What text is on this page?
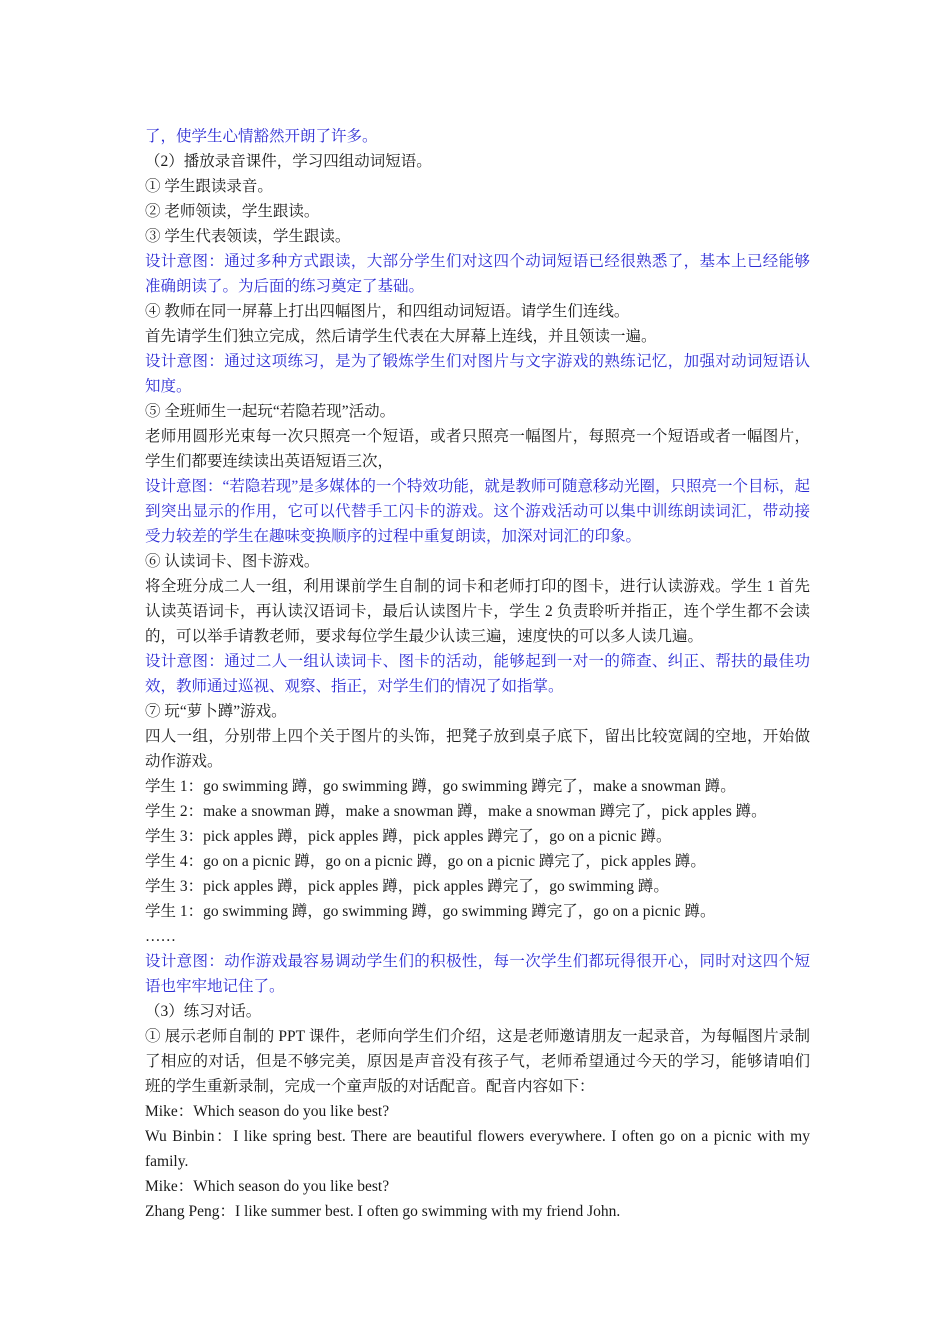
了，使学生心情豁然开朗了许多。
（2）播放录音课件，学习四组动词短语。
① 学生跟读录音。
② 老师领读，学生跟读。
③ 学生代表领读，学生跟读。
设计意图：通过多种方式跟读，大部分学生们对这四个动词短语已经很熟悉了，基本上已经能够准确朗读了。为后面的练习奠定了基础。
④ 教师在同一屏幕上打出四幅图片，和四组动词短语。请学生们连线。
首先请学生们独立完成，然后请学生代表在大屏幕上连线，并且领读一遍。
设计意图：通过这项练习，是为了锻炼学生们对图片与文字游戏的熟练记忆，加强对动词短语认知度。
⑤ 全班师生一起玩“若隐若现”活动。
老师用圆形光束每一次只照亮一个短语，或者只照亮一幅图片，每照亮一个短语或者一幅图片，学生们都要连续读出英语短语三次，
设计意图：“若隐若现”是多媒体的一个特效功能，就是教师可随意移动光圈，只照亮一个目标，起到突出显示的作用，它可以代替手工闪卡的游戏。这个游戏活动可以集中训练朗读词汇，带动接受力较差的学生在趣味变换顺序的过程中重复朗读，加深对词汇的印象。
⑥ 认读词卡、图卡游戏。
将全班分成二人一组，利用课前学生自制的词卡和老师打印的图卡，进行认读游戏。学生 1 首先认读英语词卡，再认读汉语词卡，最后认读图片卡，学生 2 负责聆听并指正，连个学生都不会读的，可以举手请教老师，要求每位学生最少认读三遍，速度快的可以多人读几遍。
设计意图：通过二人一组认读词卡、图卡的活动，能够起到一对一的筛查、纠正、帮扶的最佳功效，教师通过巡视、观察、指正，对学生们的情况了如指掌。
⑦ 玩“萝卜蹲”游戏。
四人一组，分别带上四个关于图片的头饰，把凳子放到桌子底下，留出比较宽阔的空地，开始做动作游戏。
学生 1：go swimming 蹲，go swimming 蹲，go swimming 蹲完了，make a snowman 蹲。
学生 2：make a snowman 蹲，make a snowman 蹲，make a snowman 蹲完了，pick apples 蹲。
学生 3：pick apples 蹲，pick apples 蹲，pick apples 蹲完了，go on a picnic 蹲。
学生 4：go on a picnic 蹲，go on a picnic 蹲，go on a picnic 蹲完了，pick apples 蹲。
学生 3：pick apples 蹲，pick apples 蹲，pick apples 蹲完了，go swimming 蹲。
学生 1：go swimming 蹲，go swimming 蹲，go swimming 蹲完了，go on a picnic 蹲。
……
设计意图：动作游戏最容易调动学生们的积极性，每一次学生们都玩得很开心，同时对这四个短语也牢牢地记住了。
（3）练习对话。
① 展示老师自制的 PPT 课件，老师向学生们介绍，这是老师邀请朋友一起录音，为每幅图片录制了相应的对话，但是不够完美，原因是声音没有孩子气，老师希望通过今天的学习，能够请咱们班的学生重新录制，完成一个童声版的对话配音。配音内容如下：
Mike：Which season do you like best?
Wu Binbin：I like spring best. There are beautiful flowers everywhere. I often go on a picnic with my family.
Mike：Which season do you like best?
Zhang Peng：I like summer best. I often go swimming with my friend John.
